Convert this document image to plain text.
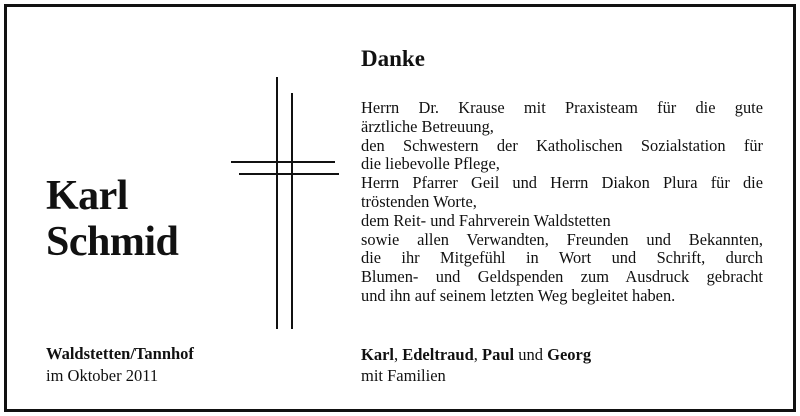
Karl
Schmid
Waldstetten/Tannhof
im Oktober 2011
Danke
Herrn Dr. Krause mit Praxisteam für die gute
ärztliche Betreuung,
den Schwestern der Katholischen Sozialstation für
die liebevolle Pflege,
Herrn Pfarrer Geil und Herrn Diakon Plura für die
tröstenden Worte,
dem Reit- und Fahrverein Waldstetten
sowie allen Verwandten, Freunden und Bekannten,
die ihr Mitgefühl in Wort und Schrift, durch
Blumen- und Geldspenden zum Ausdruck gebracht
und ihn auf seinem letzten Weg begleitet haben.
Karl, Edeltraud, Paul und Georg
mit Familien
